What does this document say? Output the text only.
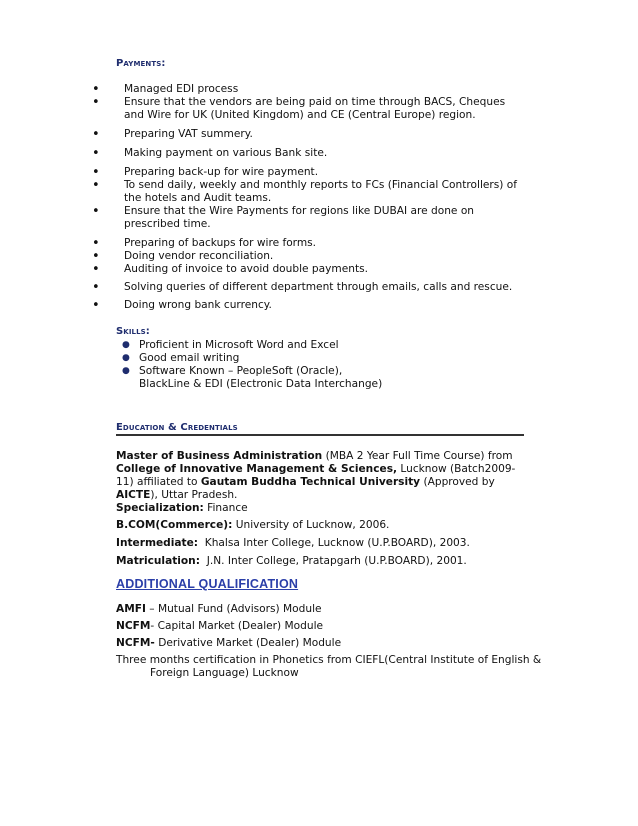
Payments:
• Managed EDI process
• Ensure that the vendors are being paid on time through BACS, Cheques and Wire for UK (United Kingdom) and CE (Central Europe) region.
• Preparing VAT summery.
• Making payment on various Bank site.
• Preparing back-up for wire payment.
• To send daily, weekly and monthly reports to FCs (Financial Controllers) of the hotels and Audit teams.
• Ensure that the Wire Payments for regions like DUBAI are done on prescribed time.
• Preparing of backups for wire forms.
• Doing vendor reconciliation.
• Auditing of invoice to avoid double payments.
• Solving queries of different department through emails, calls and rescue.
• Doing wrong bank currency.
Skills:
● Proficient in Microsoft Word and Excel
● Good email writing
● Software Known – PeopleSoft (Oracle),
BlackLine & EDI (Electronic Data Interchange)
Education & Credentials
Master of Business Administration (MBA 2 Year Full Time Course) from College of Innovative Management & Sciences, Lucknow (Batch2009-11) affiliated to Gautam Buddha Technical University (Approved by AICTE), Uttar Pradesh.
Specialization: Finance
B.COM(Commerce): University of Lucknow, 2006.
Intermediate:  Khalsa Inter College, Lucknow (U.P.BOARD), 2003.
Matriculation:  J.N. Inter College, Pratapgarh (U.P.BOARD), 2001.
ADDITIONAL QUALIFICATION
AMFI – Mutual Fund (Advisors) Module
NCFM- Capital Market (Dealer) Module
NCFM- Derivative Market (Dealer) Module
Three months certification in Phonetics from CIEFL(Central Institute of English & Foreign Language) Lucknow
